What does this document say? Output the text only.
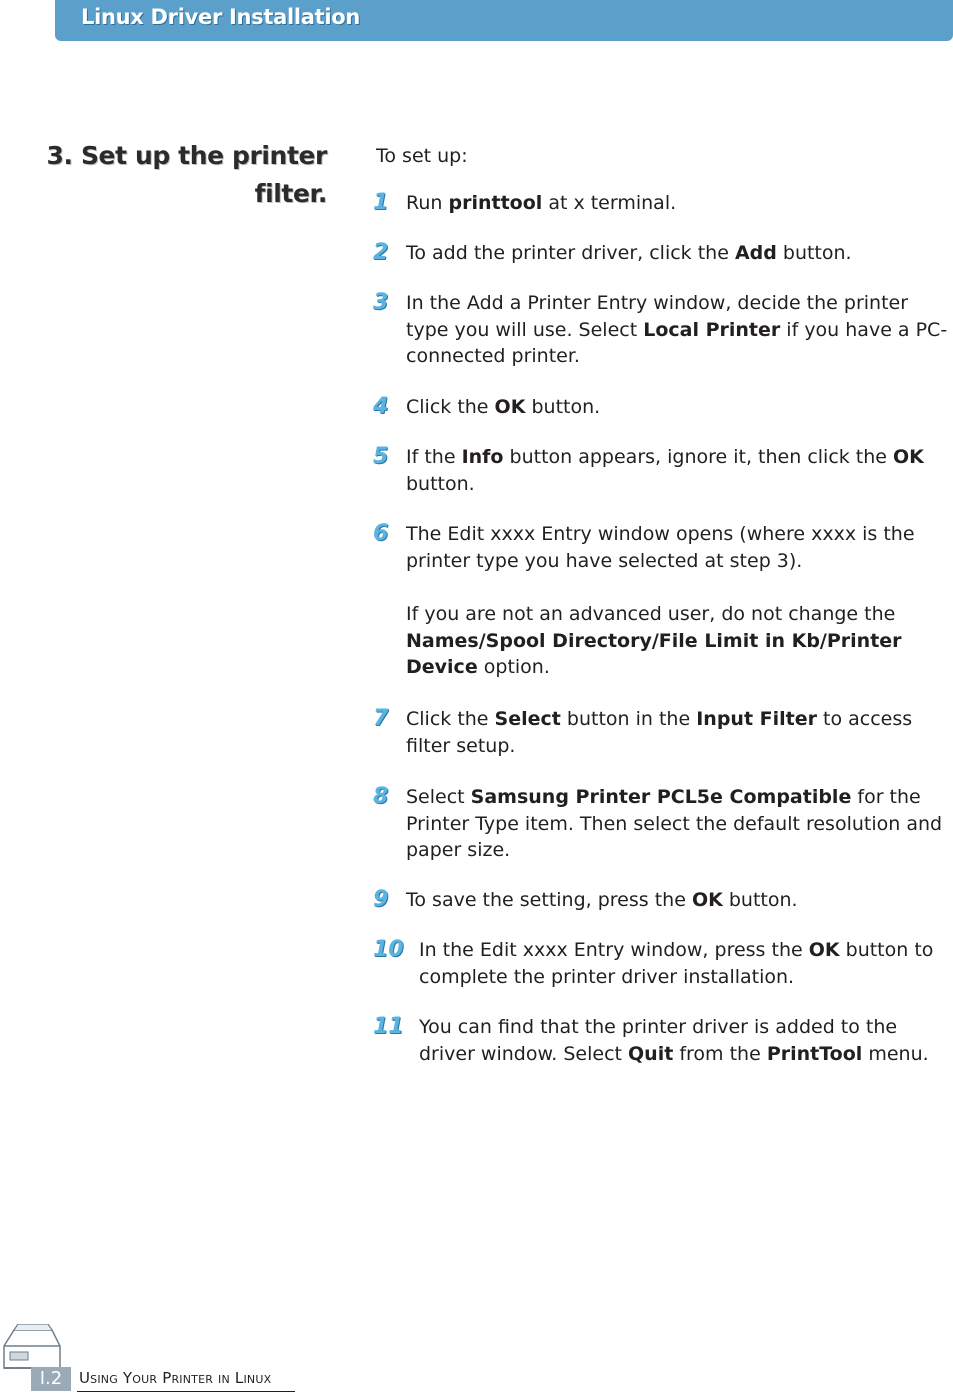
Linux Driver Installation
3. Set up the printer
filter.
To set up:
1 Run printtool at x terminal.

2 To add the printer driver, click the Add button.

3 In the Add a Printer Entry window, decide the printer type you will use. Select Local Printer if you have a PC-connected printer.

4 Click the OK button.

5 If the Info button appears, ignore it, then click the OK button.

6 The Edit xxxx Entry window opens (where xxxx is the printer type you have selected at step 3).

If you are not an advanced user, do not change the Names/Spool Directory/File Limit in Kb/Printer Device option.

7 Click the Select button in the Input Filter to access filter setup.

8 Select Samsung Printer PCL5e Compatible for the Printer Type item. Then select the default resolution and paper size.

9 To save the setting, press the OK button.

10 In the Edit xxxx Entry window, press the OK button to complete the printer driver installation.

11 You can find that the printer driver is added to the driver window. Select Quit from the PrintTool menu.

I.2	Using Your Printer in Linux
